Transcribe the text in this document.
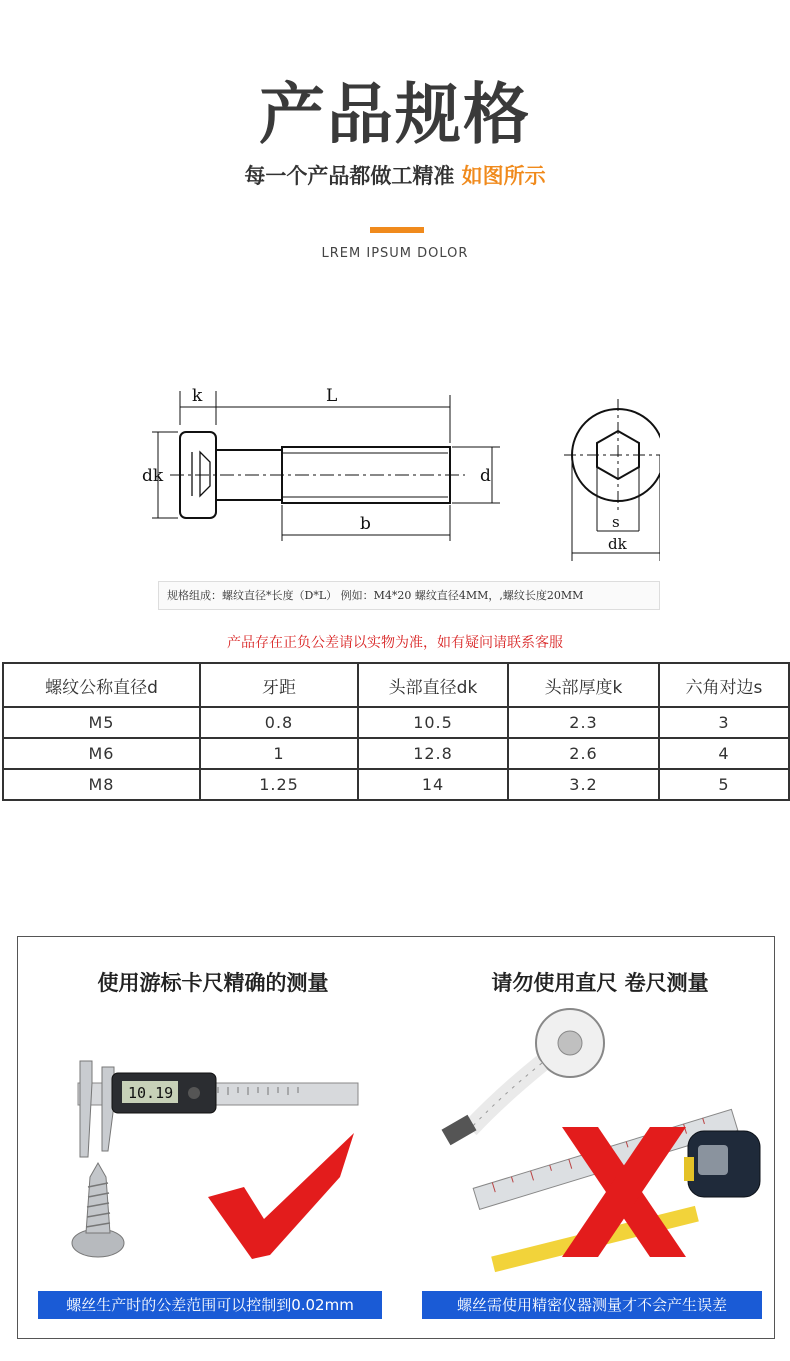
产品规格
每一个产品都做工精准 如图所示
LREM IPSUM DOLOR
k	L
dk	d
b	s
dk
规格组成：螺纹直径*长度（D*L） 例如：M4*20 螺纹直径4MM，,螺纹长度20MM
产品存在正负公差请以实物为准，如有疑问请联系客服
螺纹公称直径d	牙距	头部直径dk	头部厚度k	六角对边s
M5	0.8	10.5	2.3	3
M6	1	12.8	2.6	4
M8	1.25	14	3.2	5
使用游标卡尺精确的测量	请勿使用直尺 卷尺测量
10.19
螺丝生产时的公差范围可以控制到0.02mm	螺丝需使用精密仪器测量才不会产生误差
